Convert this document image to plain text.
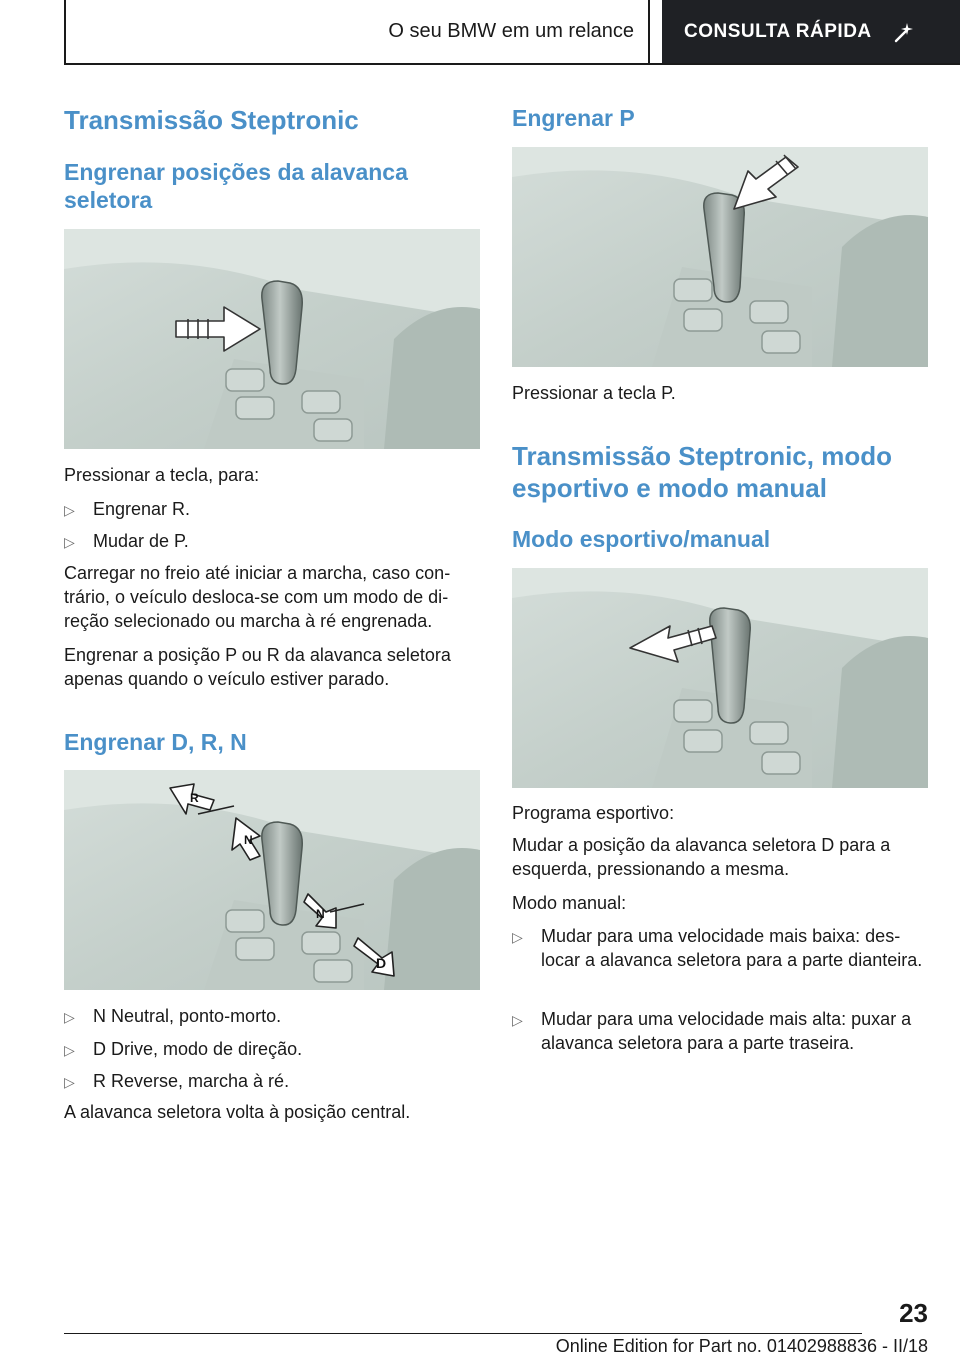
O seu BMW em um relance	CONSULTA RÁPIDA
Transmissão Steptronic
Engrenar posições da alavanca seletora

Pressionar a tecla, para:

▷	Engrenar R.
▷	Mudar de P.

Carregar no freio até iniciar a marcha, caso contrário, o veículo desloca-se com um modo de direção selecionado ou marcha à ré engrenada.

Engrenar a posição P ou R da alavanca seletora apenas quando o veículo estiver parado.

Engrenar D, R, N
R
N
N
D
▷	N Neutral, ponto-morto.
▷	D Drive, modo de direção.
▷	R Reverse, marcha à ré.

A alavanca seletora volta à posição central.

Engrenar P

Pressionar a tecla P.

Transmissão Steptronic, modo esportivo e modo manual
Modo esportivo/manual

Programa esportivo:

Mudar a posição da alavanca seletora D para a esquerda, pressionando a mesma.

Modo manual:

▷	Mudar para uma velocidade mais baixa: deslocar a alavanca seletora para a parte dianteira.
▷	Mudar para uma velocidade mais alta: puxar a alavanca seletora para a parte traseira.
23
Online Edition for Part no. 01402988836 - II/18
